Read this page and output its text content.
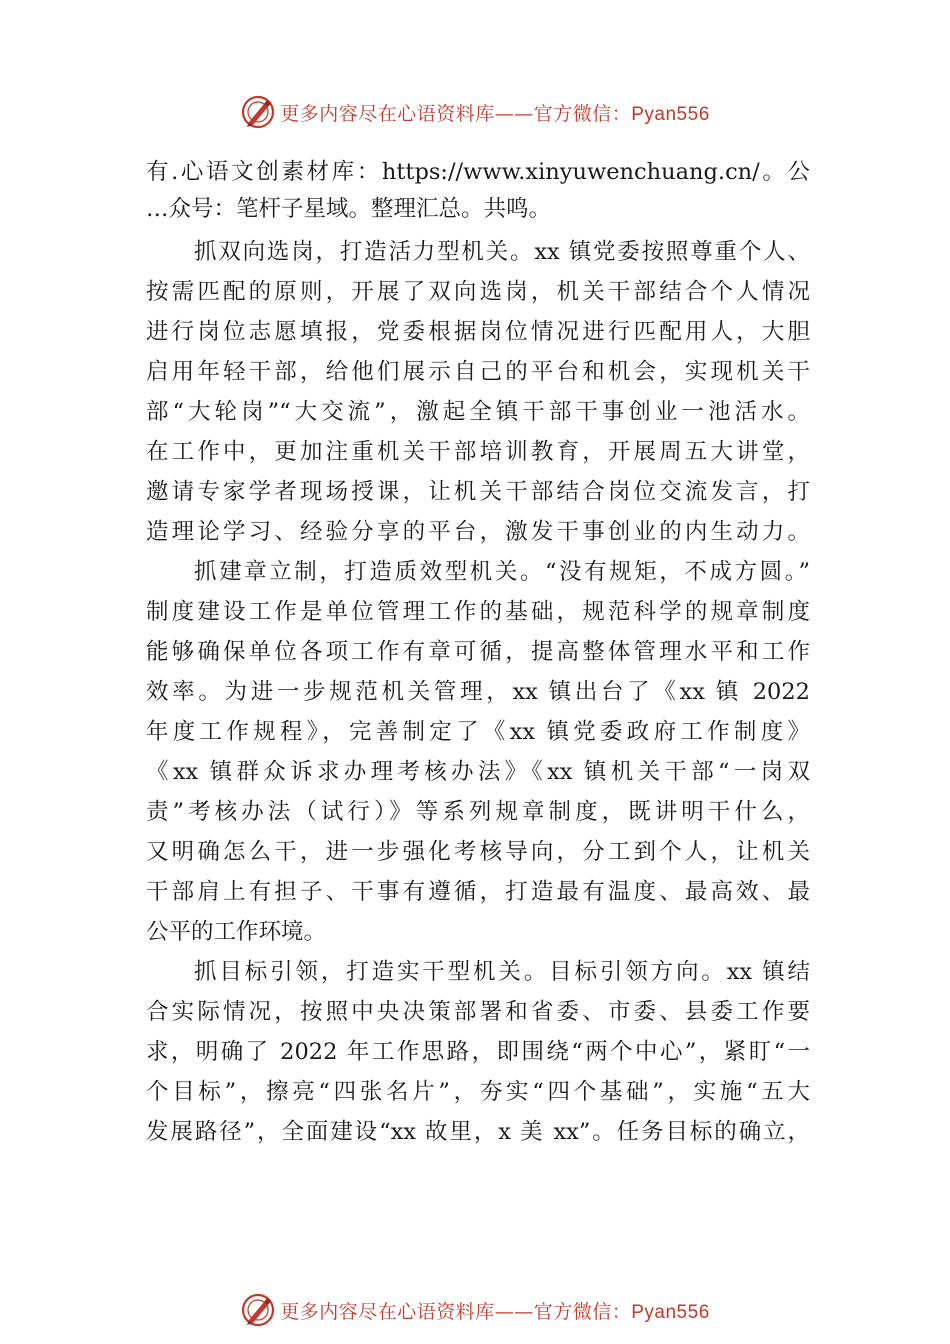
更多内容尽在心语资料库——官方微信：Pyan556
有.心语文创素材库：https://www.xinyuwenchuang.cn/。公
…众号：笔杆子星域。整理汇总。共鸣。
抓双向选岗，打造活力型机关。xx 镇党委按照尊重个人、
按需匹配的原则，开展了双向选岗，机关干部结合个人情况
进行岗位志愿填报，党委根据岗位情况进行匹配用人，大胆
启用年轻干部，给他们展示自己的平台和机会，实现机关干
部“大轮岗”“大交流”，激起全镇干部干事创业一池活水。
在工作中，更加注重机关干部培训教育，开展周五大讲堂，
邀请专家学者现场授课，让机关干部结合岗位交流发言，打
造理论学习、经验分享的平台，激发干事创业的内生动力。
抓建章立制，打造质效型机关。“没有规矩，不成方圆。”
制度建设工作是单位管理工作的基础，规范科学的规章制度
能够确保单位各项工作有章可循，提高整体管理水平和工作
效率。为进一步规范机关管理，xx 镇出台了《xx 镇 2022
年度工作规程》，完善制定了《xx 镇党委政府工作制度》
《xx 镇群众诉求办理考核办法》《xx 镇机关干部“一岗双
责”考核办法（试行）》等系列规章制度，既讲明干什么，
又明确怎么干，进一步强化考核导向，分工到个人，让机关
干部肩上有担子、干事有遵循，打造最有温度、最高效、最
公平的工作环境。
抓目标引领，打造实干型机关。目标引领方向。xx 镇结
合实际情况，按照中央决策部署和省委、市委、县委工作要
求，明确了 2022 年工作思路，即围绕“两个中心”，紧盯“一
个目标”，擦亮“四张名片”，夯实“四个基础”，实施“五大
发展路径”，全面建设“xx 故里，x 美 xx”。任务目标的确立，
更多内容尽在心语资料库——官方微信：Pyan556
